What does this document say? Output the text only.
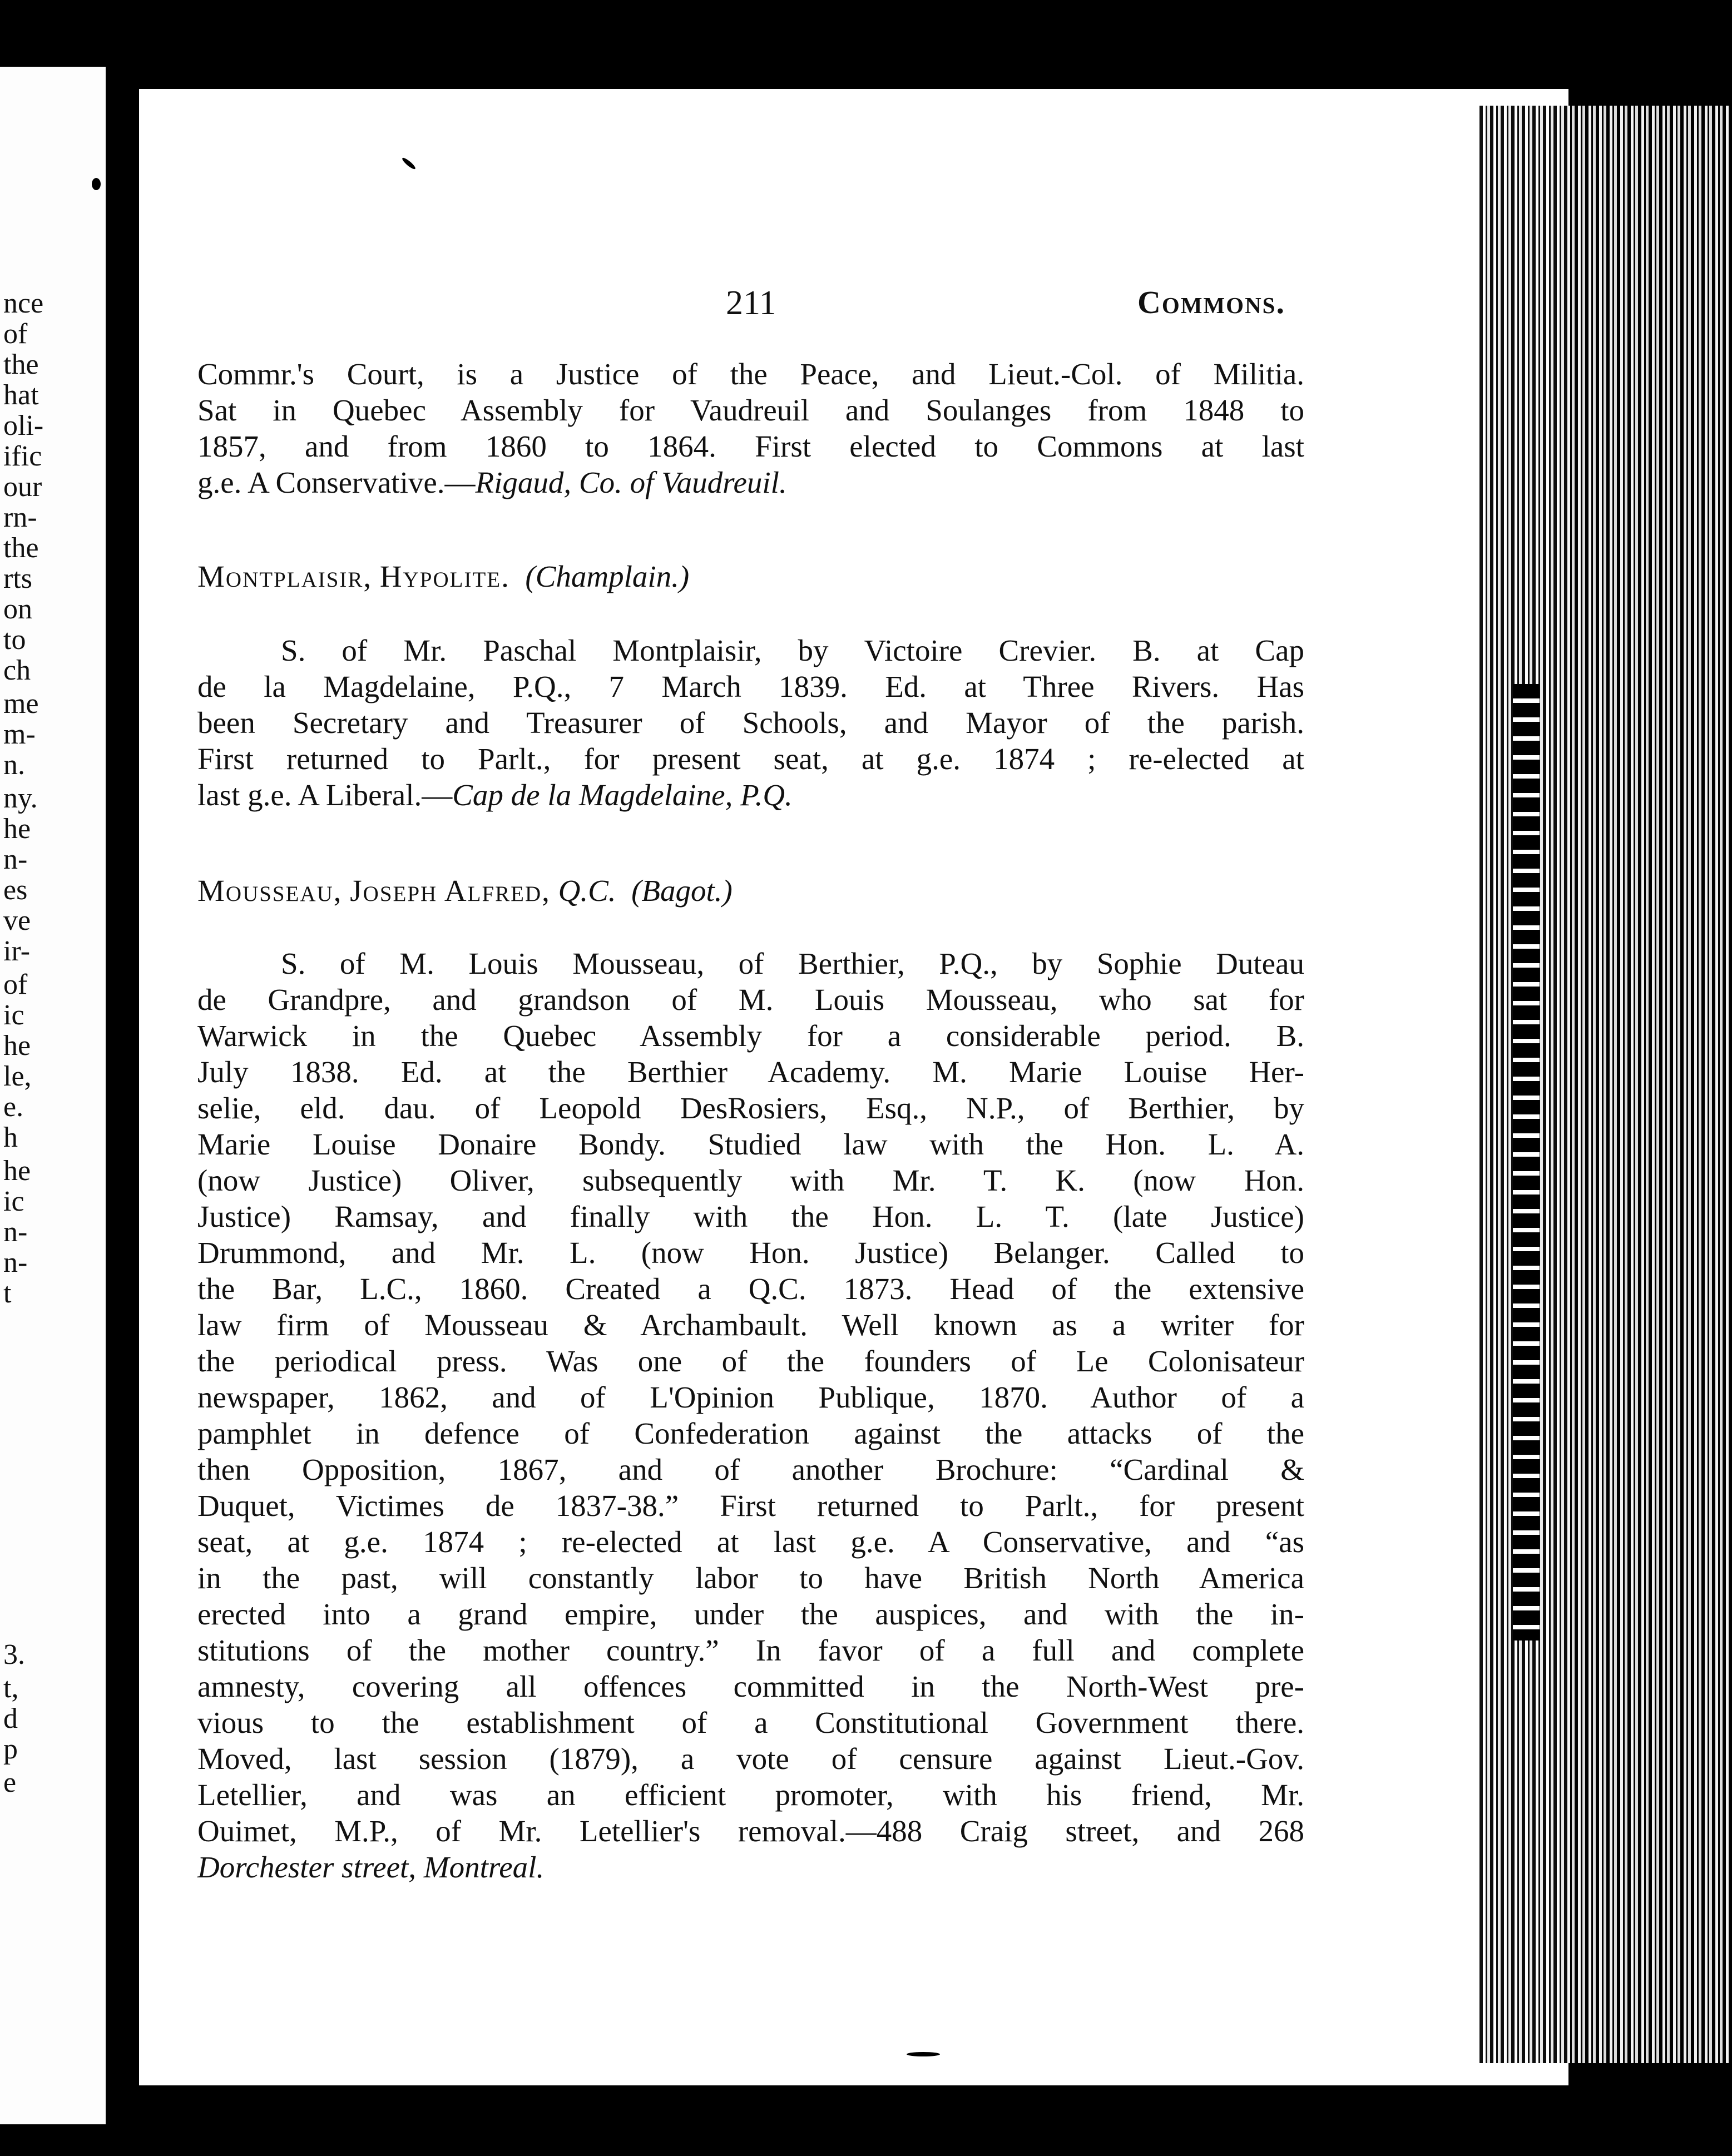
nce
of
the
hat
oli-
ific
our
rn-
the
rts
on
to
ch
me
m-
n.
ny.
he
n-
es
ve
ir-
of
ic
he
le,
e.
h
he
ic
n-
n-
t
3.
t,
d
p
e
211	Commons.
Commr.'s Court, is a Justice of the Peace, and Lieut.-Col. of Militia.
Sat in Quebec Assembly for Vaudreuil and Soulanges from 1848 to
1857, and from 1860 to 1864. First elected to Commons at last
g.e. A Conservative.—Rigaud, Co. of Vaudreuil.
Montplaisir, Hypolite. (Champlain.)
S. of Mr. Paschal Montplaisir, by Victoire Crevier. B. at Cap
de la Magdelaine, P.Q., 7 March 1839. Ed. at Three Rivers. Has
been Secretary and Treasurer of Schools, and Mayor of the parish.
First returned to Parlt., for present seat, at g.e. 1874 ; re-elected at
last g.e. A Liberal.—Cap de la Magdelaine, P.Q.
Mousseau, Joseph Alfred, Q.C. (Bagot.)
S. of M. Louis Mousseau, of Berthier, P.Q., by Sophie Duteau
de Grandpre, and grandson of M. Louis Mousseau, who sat for
Warwick in the Quebec Assembly for a considerable period. B.
July 1838. Ed. at the Berthier Academy. M. Marie Louise Her-
selie, eld. dau. of Leopold DesRosiers, Esq., N.P., of Berthier, by
Marie Louise Donaire Bondy. Studied law with the Hon. L. A.
(now Justice) Oliver, subsequently with Mr. T. K. (now Hon.
Justice) Ramsay, and finally with the Hon. L. T. (late Justice)
Drummond, and Mr. L. (now Hon. Justice) Belanger. Called to
the Bar, L.C., 1860. Created a Q.C. 1873. Head of the extensive
law firm of Mousseau & Archambault. Well known as a writer for
the periodical press. Was one of the founders of Le Colonisateur
newspaper, 1862, and of L'Opinion Publique, 1870. Author of a
pamphlet in defence of Confederation against the attacks of the
then Opposition, 1867, and of another Brochure: “Cardinal &
Duquet, Victimes de 1837-38.” First returned to Parlt., for present
seat, at g.e. 1874 ; re-elected at last g.e. A Conservative, and “as
in the past, will constantly labor to have British North America
erected into a grand empire, under the auspices, and with the in-
stitutions of the mother country.” In favor of a full and complete
amnesty, covering all offences committed in the North-West pre-
vious to the establishment of a Constitutional Government there.
Moved, last session (1879), a vote of censure against Lieut.-Gov.
Letellier, and was an efficient promoter, with his friend, Mr.
Ouimet, M.P., of Mr. Letellier's removal.—488 Craig street, and 268
Dorchester street, Montreal.
